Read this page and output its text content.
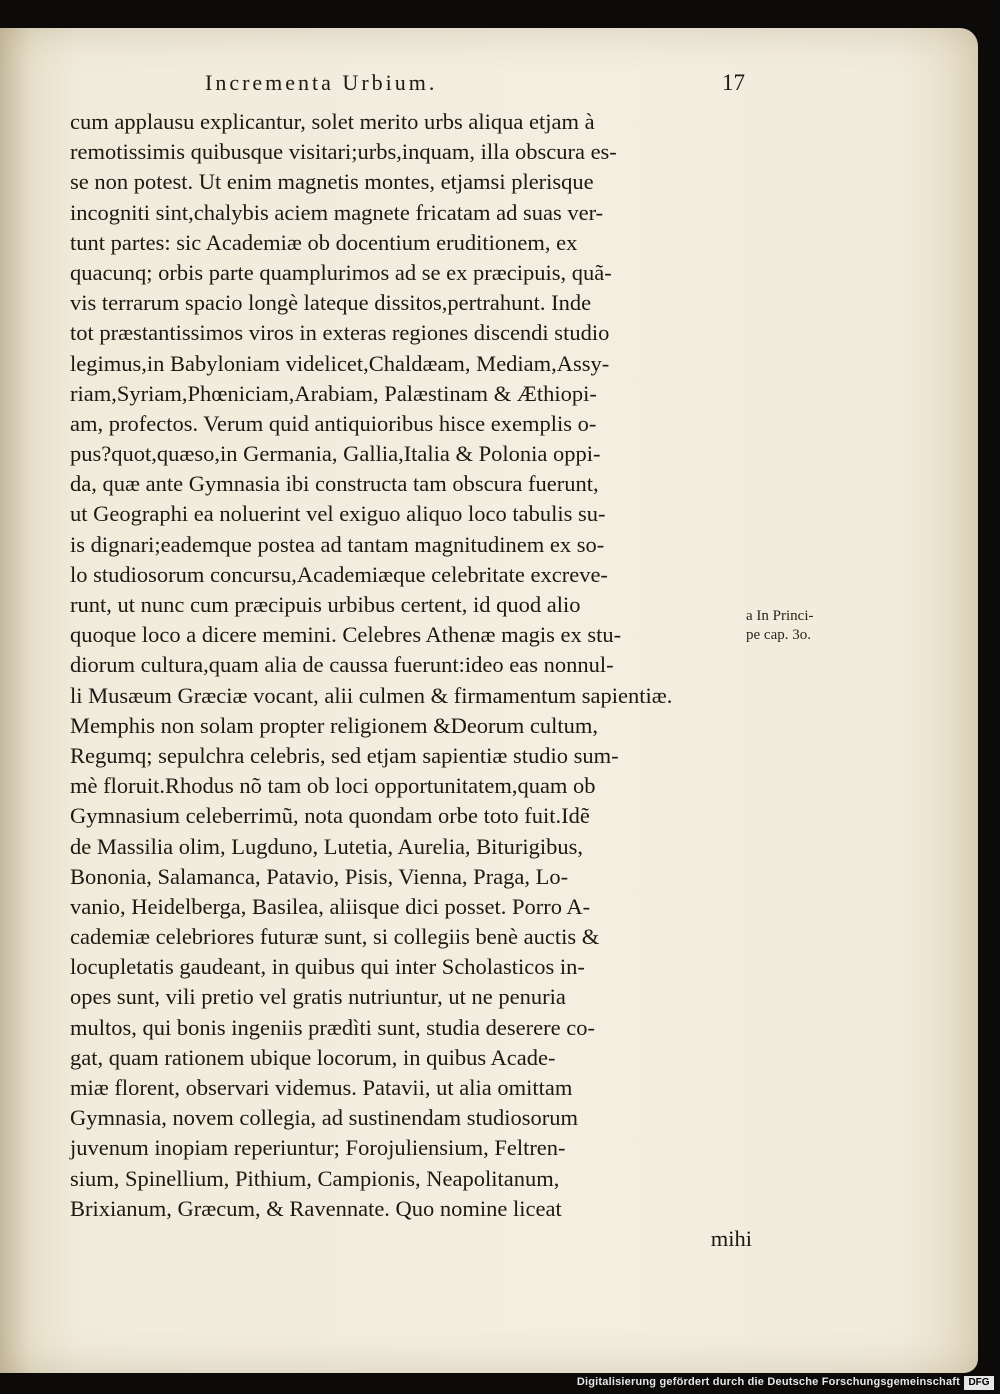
Incrementa Urbium.	17
cum applausu explicantur, solet merito urbs aliqua etjam à
remotissimis quibusque visitari;urbs,inquam, illa obscura es-
se non potest. Ut enim magnetis montes, etjamsi plerisque
incogniti sint,chalybis aciem magnete fricatam ad suas ver-
tunt partes: sic Academiæ ob docentium eruditionem, ex
quacunq; orbis parte quamplurimos ad se ex præcipuis, quã-
vis terrarum spacio longè lateque dissitos,pertrahunt. Inde
tot præstantissimos viros in exteras regiones discendi studio
legimus,in Babyloniam videlicet,Chaldæam, Mediam,Assy-
riam,Syriam,Phœniciam,Arabiam, Palæstinam & Æthiopi-
am, profectos. Verum quid antiquioribus hisce exemplis o-
pus?quot,quæso,in Germania, Gallia,Italia & Polonia oppi-
da, quæ ante Gymnasia ibi constructa tam obscura fuerunt,
ut Geographi ea noluerint vel exiguo aliquo loco tabulis su-
is dignari;eademque postea ad tantam magnitudinem ex so-
lo studiosorum concursu,Academiæque celebritate excreve-
runt, ut nunc cum præcipuis urbibus certent, id quod alio
quoque loco a dicere memini. Celebres Athenæ magis ex stu-
diorum cultura,quam alia de caussa fuerunt:ideo eas nonnul-
li Musæum Græciæ vocant, alii culmen & firmamentum sapientiæ.
Memphis non solam propter religionem &Deorum cultum,
Regumq; sepulchra celebris, sed etjam sapientiæ studio sum-
mè floruit.Rhodus nõ tam ob loci opportunitatem,quam ob
Gymnasium celeberrimũ, nota quondam orbe toto fuit.Idẽ
de Massilia olim, Lugduno, Lutetia, Aurelia, Biturigibus,
Bononia, Salamanca, Patavio, Pisis, Vienna, Praga, Lo-
vanio, Heidelberga, Basilea, aliisque dici posset. Porro A-
cademiæ celebriores futuræ sunt, si collegiis benè auctis &
locupletatis gaudeant, in quibus qui inter Scholasticos in-
opes sunt, vili pretio vel gratis nutriuntur, ut ne penuria
multos, qui bonis ingeniis prædìti sunt, studia deserere co-
gat, quam rationem ubique locorum, in quibus Acade-
miæ florent, observari videmus. Patavii, ut alia omittam
Gymnasia, novem collegia, ad sustinendam studiosorum
juvenum inopiam reperiuntur; Forojuliensium, Feltren-
sium, Spinellium, Pithium, Campionis, Neapolitanum,
Brixianum, Græcum, & Ravennate. Quo nomine liceat
mihi
a In Princi-
pe cap. 3o.
Digitalisierung gefördert durch die Deutsche Forschungsgemeinschaft DFG
